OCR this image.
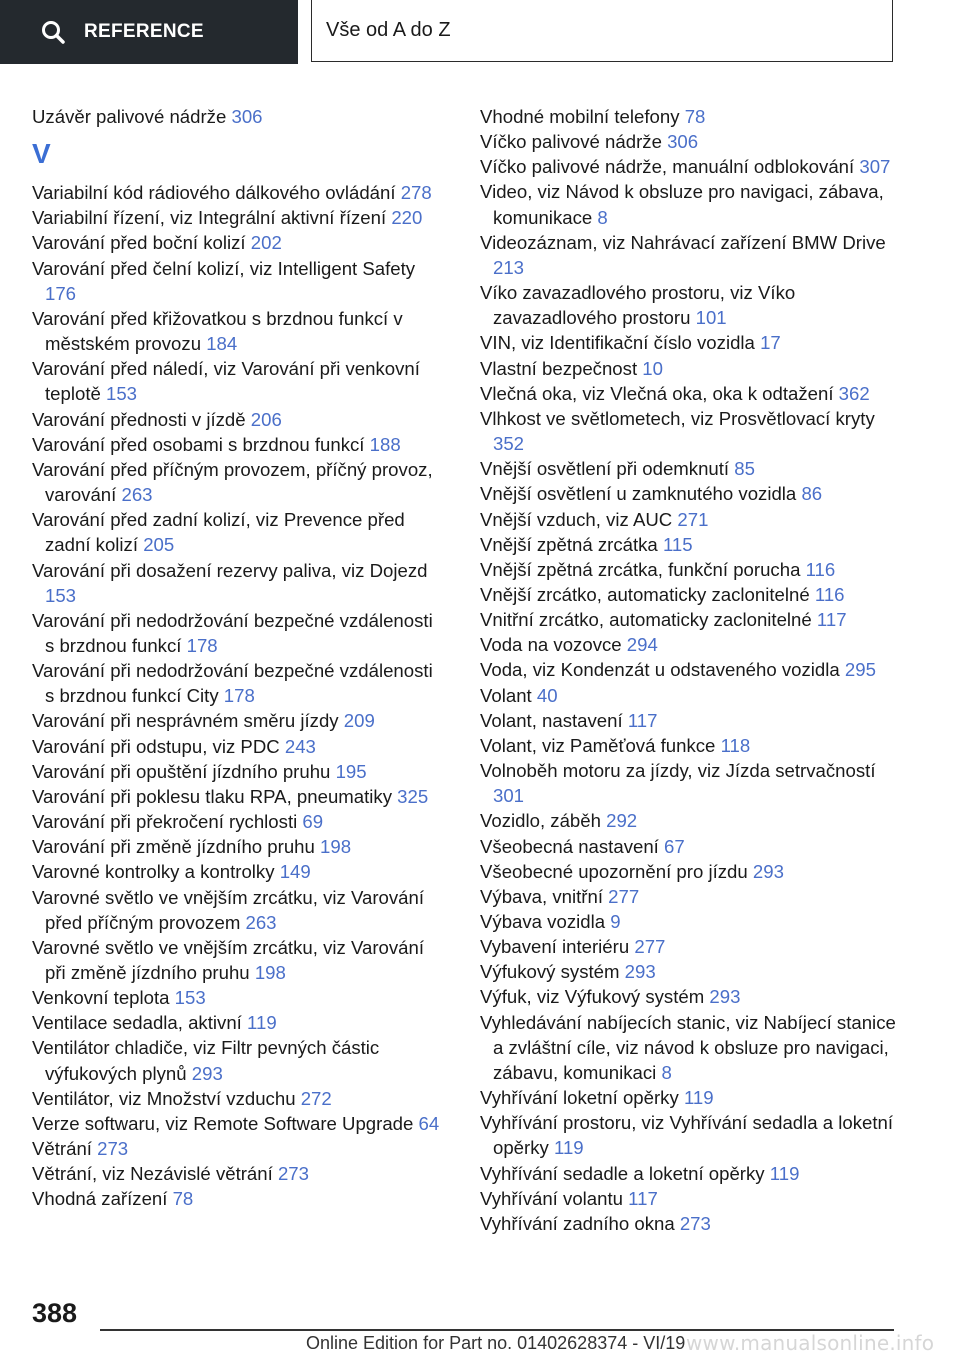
REFERENCE	Vše od A do Z
Uzávěr palivové nádrže 306
V
Variabilní kód rádiového dálkového ovládání 278
Variabilní řízení, viz Integrální aktivní řízení 220
Varování před boční kolizí 202
Varování před čelní kolizí, viz Intelligent Safety 176
Varování před křižovatkou s brzdnou funkcí v městském provozu 184
Varování před náledí, viz Varování při venkovní teplotě 153
Varování přednosti v jízdě 206
Varování před osobami s brzdnou funkcí 188
Varování před příčným provozem, příčný provoz, varování 263
Varování před zadní kolizí, viz Prevence před zadní kolizí 205
Varování při dosažení rezervy paliva, viz Dojezd 153
Varování při nedodržování bezpečné vzdálenosti s brzdnou funkcí 178
Varování při nedodržování bezpečné vzdálenosti s brzdnou funkcí City 178
Varování při nesprávném směru jízdy 209
Varování při odstupu, viz PDC 243
Varování při opuštění jízdního pruhu 195
Varování při poklesu tlaku RPA, pneumatiky 325
Varování při překročení rychlosti 69
Varování při změně jízdního pruhu 198
Varovné kontrolky a kontrolky 149
Varovné světlo ve vnějším zrcátku, viz Varování před příčným provozem 263
Varovné světlo ve vnějším zrcátku, viz Varování při změně jízdního pruhu 198
Venkovní teplota 153
Ventilace sedadla, aktivní 119
Ventilátor chladiče, viz Filtr pevných částic výfukových plynů 293
Ventilátor, viz Množství vzduchu 272
Verze softwaru, viz Remote Software Upgrade 64
Větrání 273
Větrání, viz Nezávislé větrání 273
Vhodná zařízení 78
Vhodné mobilní telefony 78
Víčko palivové nádrže 306
Víčko palivové nádrže, manuální odblokování 307
Video, viz Návod k obsluze pro navigaci, zábava, komunikace 8
Videozáznam, viz Nahrávací zařízení BMW Drive 213
Víko zavazadlového prostoru, viz Víko zavazadlového prostoru 101
VIN, viz Identifikační číslo vozidla 17
Vlastní bezpečnost 10
Vlečná oka, viz Vlečná oka, oka k odtažení 362
Vlhkost ve světlometech, viz Prosvětlovací kryty 352
Vnější osvětlení při odemknutí 85
Vnější osvětlení u zamknutého vozidla 86
Vnější vzduch, viz AUC 271
Vnější zpětná zrcátka 115
Vnější zpětná zrcátka, funkční porucha 116
Vnější zrcátko, automaticky zaclonitelné 116
Vnitřní zrcátko, automaticky zaclonitelné 117
Voda na vozovce 294
Voda, viz Kondenzát u odstaveného vozidla 295
Volant 40
Volant, nastavení 117
Volant, viz Paměťová funkce 118
Volnoběh motoru za jízdy, viz Jízda setrvačností 301
Vozidlo, záběh 292
Všeobecná nastavení 67
Všeobecné upozornění pro jízdu 293
Výbava, vnitřní 277
Výbava vozidla 9
Vybavení interiéru 277
Výfukový systém 293
Výfuk, viz Výfukový systém 293
Vyhledávání nabíjecích stanic, viz Nabíjecí stanice a zvláštní cíle, viz návod k obsluze pro navigaci, zábavu, komunikaci 8
Vyhřívání loketní opěrky 119
Vyhřívání prostoru, viz Vyhřívání sedadla a loketní opěrky 119
Vyhřívání sedadle a loketní opěrky 119
Vyhřívání volantu 117
Vyhřívání zadního okna 273
388
Online Edition for Part no. 01402628374 - VI/19 www.manualsonline.info
